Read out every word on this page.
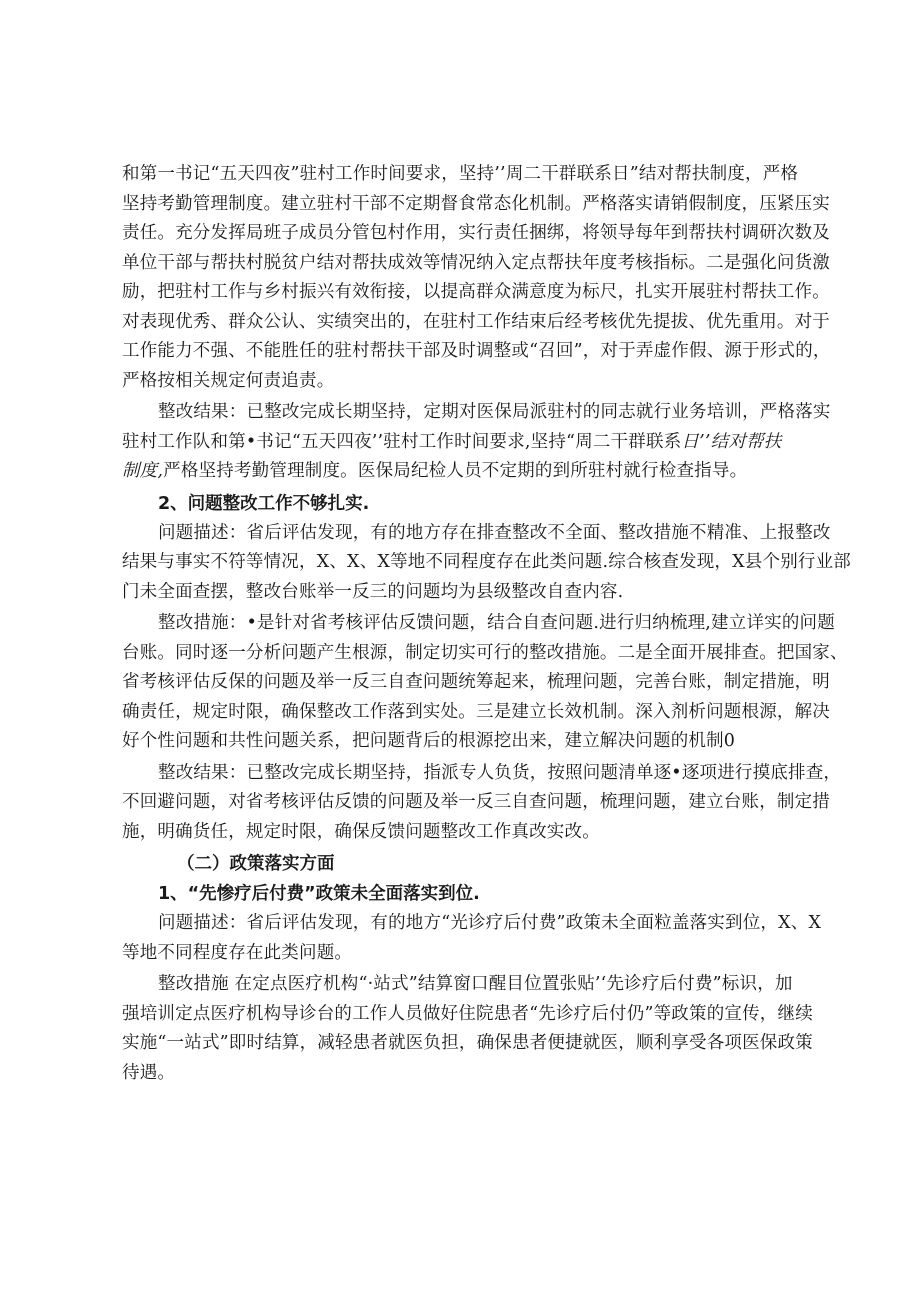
和第一书记“五天四夜”驻村工作时间要求，坚持’’周二干群联系日”结对帮扶制度，严格
坚持考勤管理制度。建立驻村干部不定期督食常态化机制。严格落实请销假制度，压紧压实
责任。充分发挥局班子成员分管包村作用，实行责任捆绑，将领导每年到帮扶村调研次数及
单位干部与帮扶村脱贫户结对帮扶成效等情况纳入定点帮扶年度考核指标。二是强化问货激
励，把驻村工作与乡村振兴有效衔接，以提高群众满意度为标尺，扎实开展驻村帮扶工作。
对表现优秀、群众公认、实绩突出的，在驻村工作结束后经考核优先提拔、优先重用。对于
工作能力不强、不能胜任的驻村帮扶干部及时调整或“召回”，对于弄虚作假、源于形式的，
严格按相关规定何责追责。

整改结果：已整改完成长期坚持，定期对医保局派驻村的同志就行业务培训，严格落实
驻村工作队和第•书记“五天四夜’’驻村工作时间要求,坚持“周二干群联系日’’结对帮扶
制度,严格坚持考勤管理制度。医保局纪检人员不定期的到所驻村就行检查指导。

2、问题整改工作不够扎实.

问题描述：省后评估发现，有的地方存在排查整改不全面、整改措施不精准、上报整改
结果与事实不符等情况，X、X、X等地不同程度存在此类问题.综合核查发现，X县个别行业部
门未全面查摆，整改台账举一反三的问题均为县级整改自查内容.

整改措施：•是针对省考核评估反馈问题，结合自查问题.进行归纳梳理,建立详实的问题
台账。同时逐一分析问题产生根源，制定切实可行的整改措施。二是全面开展排查。把国家、
省考核评估反保的问题及举一反三自查问题统筹起来，梳理问题，完善台账，制定措施，明
确责任，规定时限，确保整改工作落到实处。三是建立长效机制。深入剂析问题根源，解决
好个性问题和共性问题关系，把问题背后的根源挖出来，建立解决问题的机制0

整改结果：已整改完成长期坚持，指派专人负货，按照问题清单逐•逐项进行摸底排查，
不回避问题，对省考核评估反馈的问题及举一反三自查问题，梳理问题，建立台账，制定措
施，明确货任，规定时限，确保反馈问题整改工作真改实改。

（二）政策落实方面
1、“先惨疗后付费”政策未全面落实到位.

问题描述：省后评估发现，有的地方“光诊疗后付费”政策未全面粒盖落实到位，X、X
等地不同程度存在此类问题。

整改措施 在定点医疗机构“·站式”结算窗口醒目位置张贴’‘先诊疗后付费”标识，加
强培训定点医疗机构导诊台的工作人员做好住院患者“先诊疗后付仍”等政策的宣传，继续
实施“一站式”即时结算，减轻患者就医负担，确保患者便捷就医，顺利享受各项医保政策
待遇。
